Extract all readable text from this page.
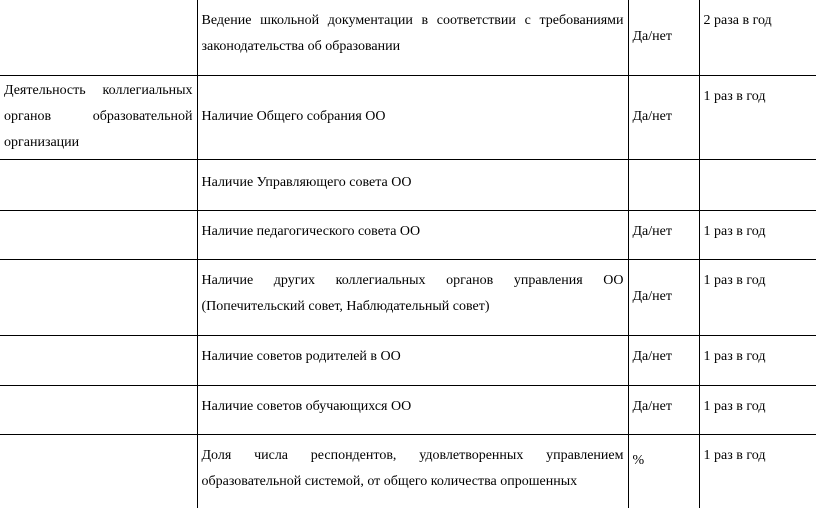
	Ведение школьной документации в соответствии с требованиями законодательства об образовании	Да/нет	2 раза в год
Деятельность коллегиальных органов образовательной организации	Наличие Общего собрания ОО	Да/нет	1 раз в год
	Наличие Управляющего совета ОО		
	Наличие педагогического совета ОО	Да/нет	1 раз в год
	Наличие других коллегиальных органов управления ОО (Попечительский совет, Наблюдательный совет)	Да/нет	1 раз в год
	Наличие советов родителей в ОО	Да/нет	1 раз в год
	Наличие советов обучающихся ОО	Да/нет	1 раз в год
	Доля числа респондентов, удовлетворенных управлением образовательной системой, от общего количества опрошенных	%	1 раз в год
